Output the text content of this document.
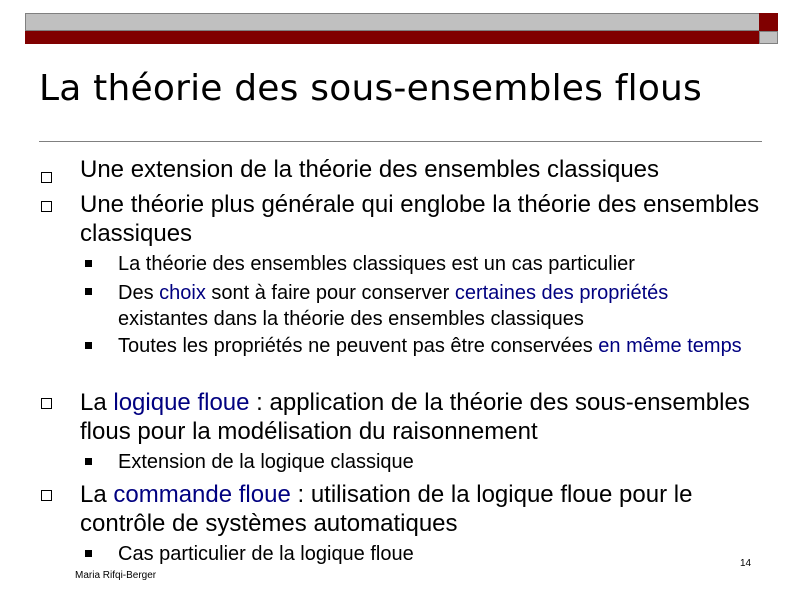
La théorie des sous-ensembles flous
Une extension de la théorie des ensembles classiques
Une théorie plus générale qui englobe la théorie des ensembles classiques
La théorie des ensembles classiques est un cas particulier
Des choix sont à faire pour conserver certaines des propriétés existantes dans la théorie des ensembles classiques
Toutes les propriétés ne peuvent pas être conservées en même temps
La logique floue : application de la théorie des sous-ensembles flous pour la modélisation du raisonnement
Extension de la logique classique
La commande floue : utilisation de la logique floue pour le contrôle de systèmes automatiques
Cas particulier de la logique floue
Maria Rifqi-Berger
14
